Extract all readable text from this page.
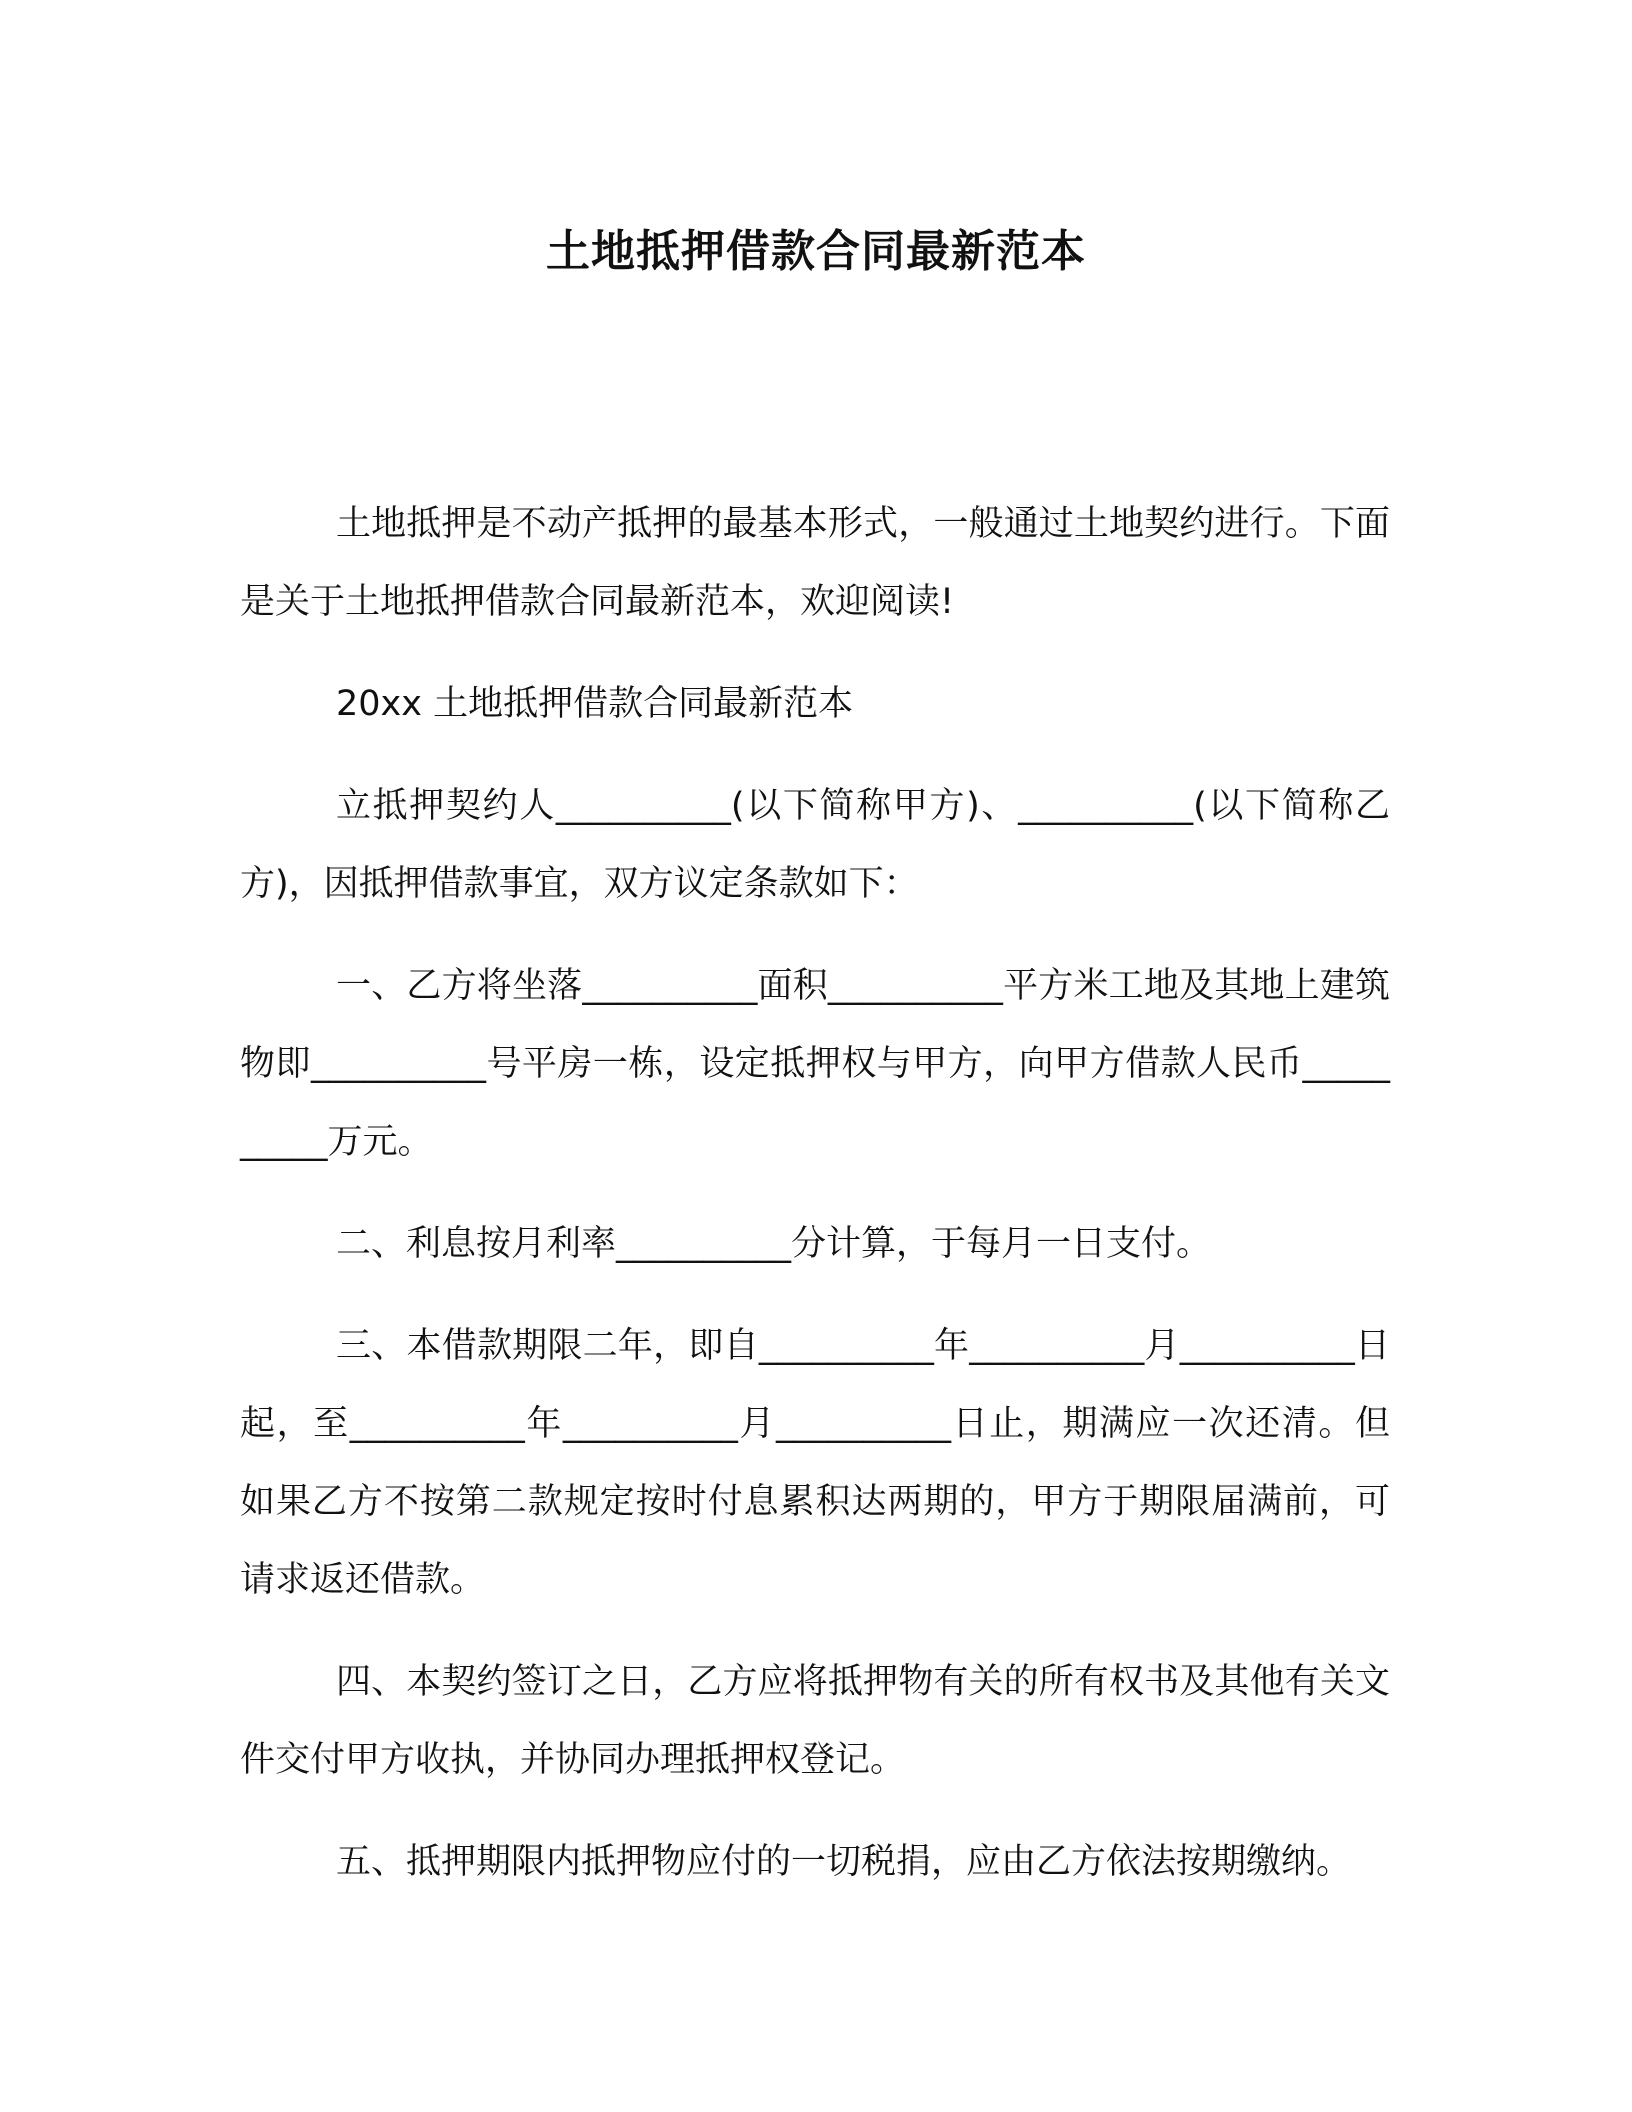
土地抵押借款合同最新范本

土地抵押是不动产抵押的最基本形式，一般通过土地契约进行。下面是关于土地抵押借款合同最新范本，欢迎阅读!

20xx 土地抵押借款合同最新范本

立抵押契约人__________(以下简称甲方)、__________(以下简称乙方)，因抵押借款事宜，双方议定条款如下：

一、乙方将坐落__________面积__________平方米工地及其地上建筑物即__________号平房一栋，设定抵押权与甲方，向甲方借款人民币__________万元。

二、利息按月利率__________分计算，于每月一日支付。

三、本借款期限二年，即自__________年__________月__________日起，至__________年__________月__________日止，期满应一次还清。但如果乙方不按第二款规定按时付息累积达两期的，甲方于期限届满前，可请求返还借款。

四、本契约签订之日，乙方应将抵押物有关的所有权书及其他有关文件交付甲方收执，并协同办理抵押权登记。

五、抵押期限内抵押物应付的一切税捐，应由乙方依法按期缴纳。
